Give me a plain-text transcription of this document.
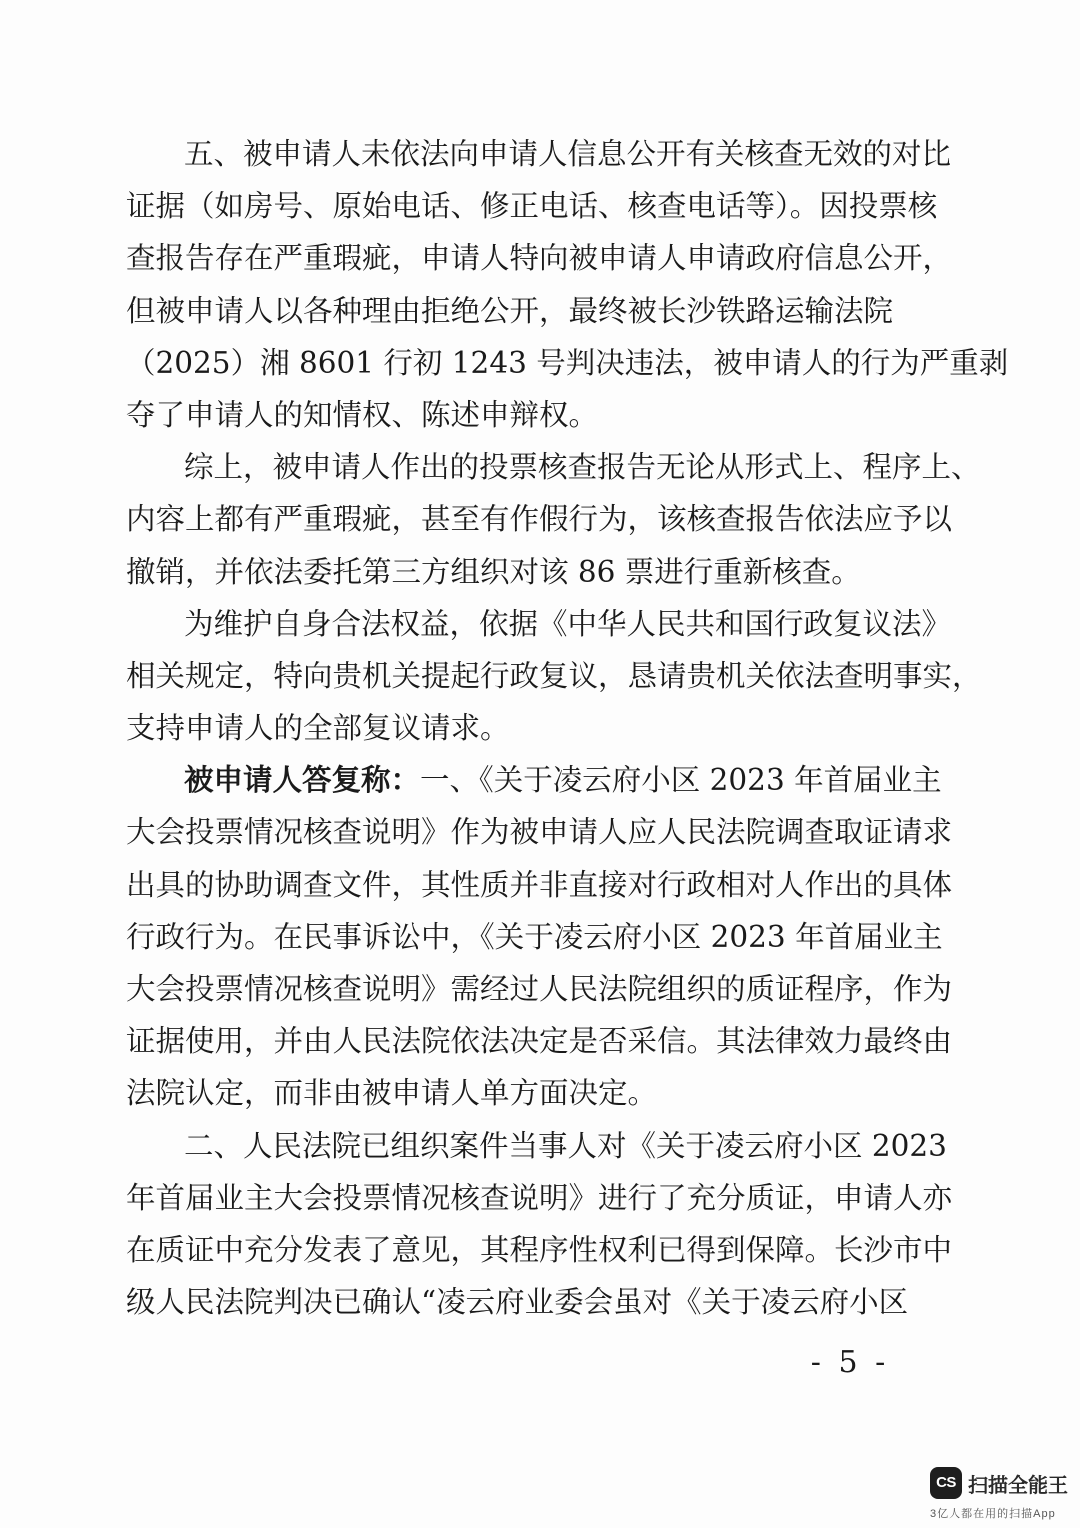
五、被申请人未依法向申请人信息公开有关核查无效的对比
证据（如房号、原始电话、修正电话、核查电话等）。因投票核
查报告存在严重瑕疵，申请人特向被申请人申请政府信息公开，
但被申请人以各种理由拒绝公开，最终被长沙铁路运输法院
（2025）湘 8601 行初 1243 号判决违法，被申请人的行为严重剥
夺了申请人的知情权、陈述申辩权。
综上，被申请人作出的投票核查报告无论从形式上、程序上、
内容上都有严重瑕疵，甚至有作假行为，该核查报告依法应予以
撤销，并依法委托第三方组织对该 86 票进行重新核查。
为维护自身合法权益，依据《中华人民共和国行政复议法》
相关规定，特向贵机关提起行政复议，恳请贵机关依法查明事实，
支持申请人的全部复议请求。
被申请人答复称：一、《关于凌云府小区 2023 年首届业主
大会投票情况核查说明》作为被申请人应人民法院调查取证请求
出具的协助调查文件，其性质并非直接对行政相对人作出的具体
行政行为。在民事诉讼中，《关于凌云府小区 2023 年首届业主
大会投票情况核查说明》需经过人民法院组织的质证程序，作为
证据使用，并由人民法院依法决定是否采信。其法律效力最终由
法院认定，而非由被申请人单方面决定。
二、人民法院已组织案件当事人对《关于凌云府小区 2023
年首届业主大会投票情况核查说明》进行了充分质证，申请人亦
在质证中充分发表了意见，其程序性权利已得到保障。长沙市中
级人民法院判决已确认“凌云府业委会虽对《关于凌云府小区
- 5 -
CS 扫描全能王
3亿人都在用的扫描App
